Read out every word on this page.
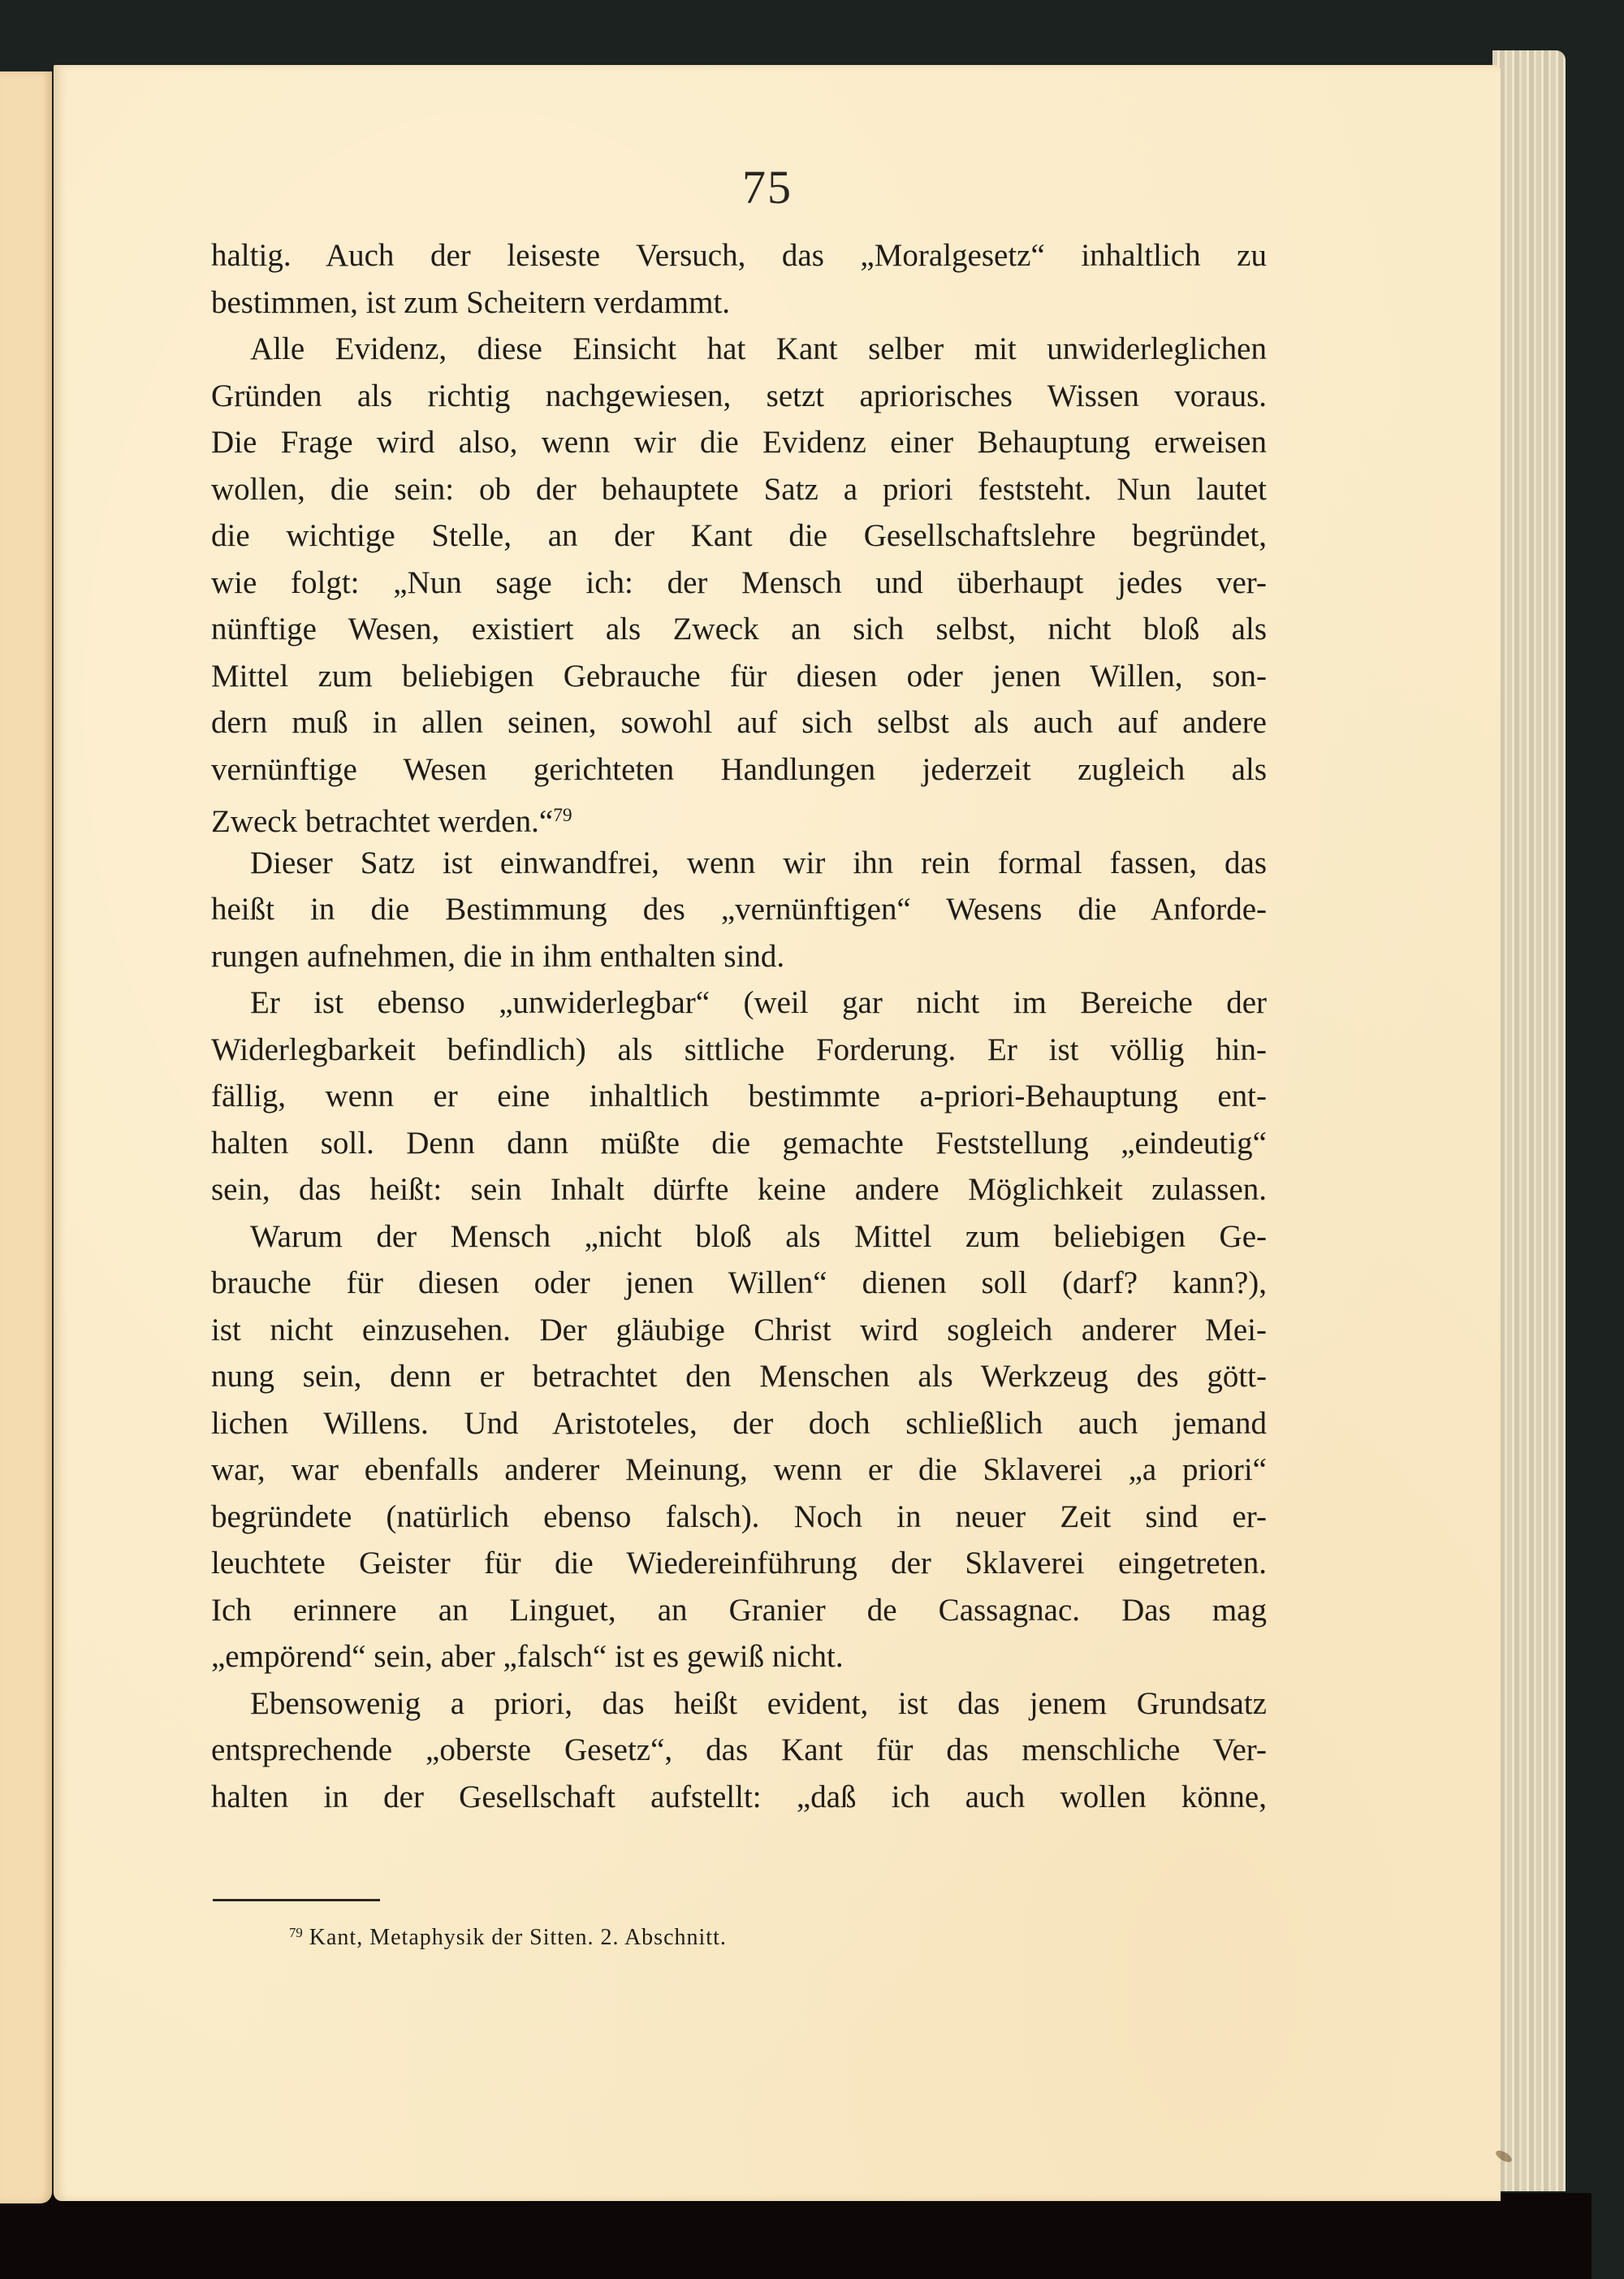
75
haltig. Auch der leiseste Versuch, das „Moralgesetz“ inhaltlich zu
bestimmen, ist zum Scheitern verdammt.
Alle Evidenz, diese Einsicht hat Kant selber mit unwiderleglichen
Gründen als richtig nachgewiesen, setzt apriorisches Wissen voraus.
Die Frage wird also, wenn wir die Evidenz einer Behauptung erweisen
wollen, die sein: ob der behauptete Satz a priori feststeht. Nun lautet
die wichtige Stelle, an der Kant die Gesellschaftslehre begründet,
wie folgt: „Nun sage ich: der Mensch und überhaupt jedes ver-
nünftige Wesen, existiert als Zweck an sich selbst, nicht bloß als
Mittel zum beliebigen Gebrauche für diesen oder jenen Willen, son-
dern muß in allen seinen, sowohl auf sich selbst als auch auf andere
vernünftige Wesen gerichteten Handlungen jederzeit zugleich als
Zweck betrachtet werden.“$^{79}$
Dieser Satz ist einwandfrei, wenn wir ihn rein formal fassen, das
heißt in die Bestimmung des „vernünftigen“ Wesens die Anforde-
rungen aufnehmen, die in ihm enthalten sind.
Er ist ebenso „unwiderlegbar“ (weil gar nicht im Bereiche der
Widerlegbarkeit befindlich) als sittliche Forderung. Er ist völlig hin-
fällig, wenn er eine inhaltlich bestimmte a-priori-Behauptung ent-
halten soll. Denn dann müßte die gemachte Feststellung „eindeutig“
sein, das heißt: sein Inhalt dürfte keine andere Möglichkeit zulassen.
Warum der Mensch „nicht bloß als Mittel zum beliebigen Ge-
brauche für diesen oder jenen Willen“ dienen soll (darf? kann?),
ist nicht einzusehen. Der gläubige Christ wird sogleich anderer Mei-
nung sein, denn er betrachtet den Menschen als Werkzeug des gött-
lichen Willens. Und Aristoteles, der doch schließlich auch jemand
war, war ebenfalls anderer Meinung, wenn er die Sklaverei „a priori“
begründete (natürlich ebenso falsch). Noch in neuer Zeit sind er-
leuchtete Geister für die Wiedereinführung der Sklaverei eingetreten.
Ich erinnere an Linguet, an Granier de Cassagnac. Das mag
„empörend“ sein, aber „falsch“ ist es gewiß nicht.
Ebensowenig a priori, das heißt evident, ist das jenem Grundsatz
entsprechende „oberste Gesetz“, das Kant für das menschliche Ver-
halten in der Gesellschaft aufstellt: „daß ich auch wollen könne,
$^{79}$ Kant, Metaphysik der Sitten. 2. Abschnitt.
